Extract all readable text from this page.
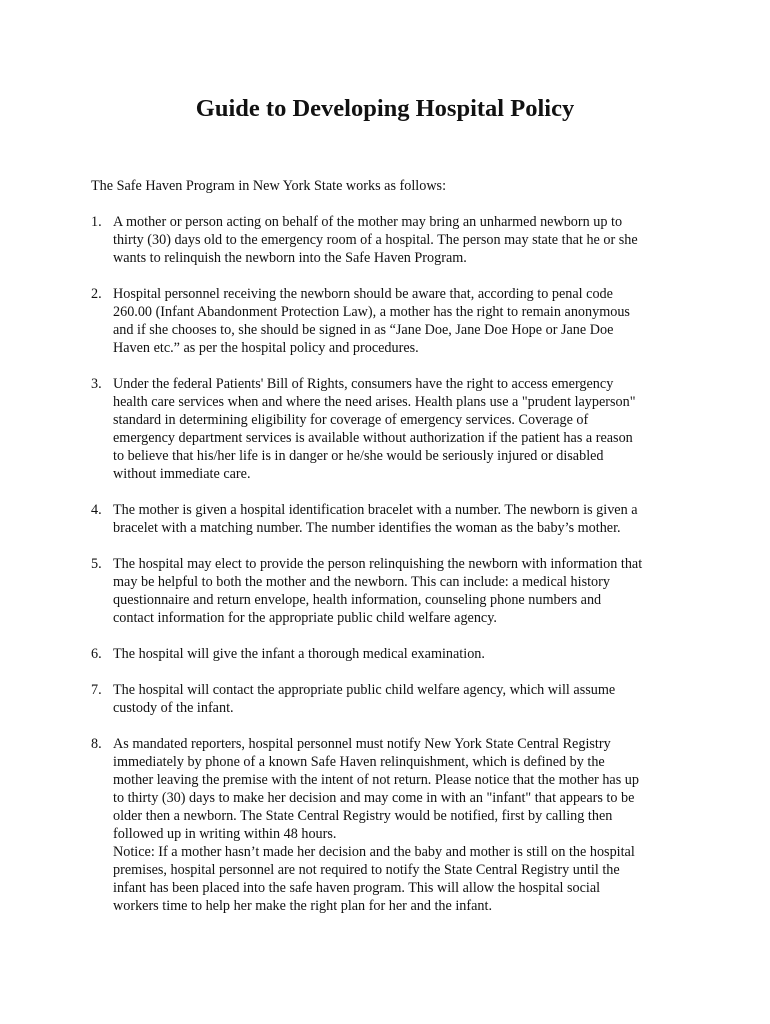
Guide to Developing Hospital Policy

The Safe Haven Program in New York State works as follows:

1. A mother or person acting on behalf of the mother may bring an unharmed newborn up to
thirty (30) days old to the emergency room of a hospital. The person may state that he or she
wants to relinquish the newborn into the Safe Haven Program.
2. Hospital personnel receiving the newborn should be aware that, according to penal code
260.00 (Infant Abandonment Protection Law), a mother has the right to remain anonymous
and if she chooses to, she should be signed in as “Jane Doe, Jane Doe Hope or Jane Doe
Haven etc.” as per the hospital policy and procedures.
3. Under the federal Patients' Bill of Rights, consumers have the right to access emergency
health care services when and where the need arises. Health plans use a "prudent layperson"
standard in determining eligibility for coverage of emergency services. Coverage of
emergency department services is available without authorization if the patient has a reason
to believe that his/her life is in danger or he/she would be seriously injured or disabled
without immediate care.
4. The mother is given a hospital identification bracelet with a number. The newborn is given a
bracelet with a matching number. The number identifies the woman as the baby’s mother.
5. The hospital may elect to provide the person relinquishing the newborn with information that
may be helpful to both the mother and the newborn. This can include: a medical history
questionnaire and return envelope, health information, counseling phone numbers and
contact information for the appropriate public child welfare agency.
6. The hospital will give the infant a thorough medical examination.
7. The hospital will contact the appropriate public child welfare agency, which will assume
custody of the infant.
8. As mandated reporters, hospital personnel must notify New York State Central Registry
immediately by phone of a known Safe Haven relinquishment, which is defined by the
mother leaving the premise with the intent of not return. Please notice that the mother has up
to thirty (30) days to make her decision and may come in with an "infant" that appears to be
older then a newborn. The State Central Registry would be notified, first by calling then
followed up in writing within 48 hours.
Notice: If a mother hasn’t made her decision and the baby and mother is still on the hospital
premises, hospital personnel are not required to notify the State Central Registry until the
infant has been placed into the safe haven program. This will allow the hospital social
workers time to help her make the right plan for her and the infant.
